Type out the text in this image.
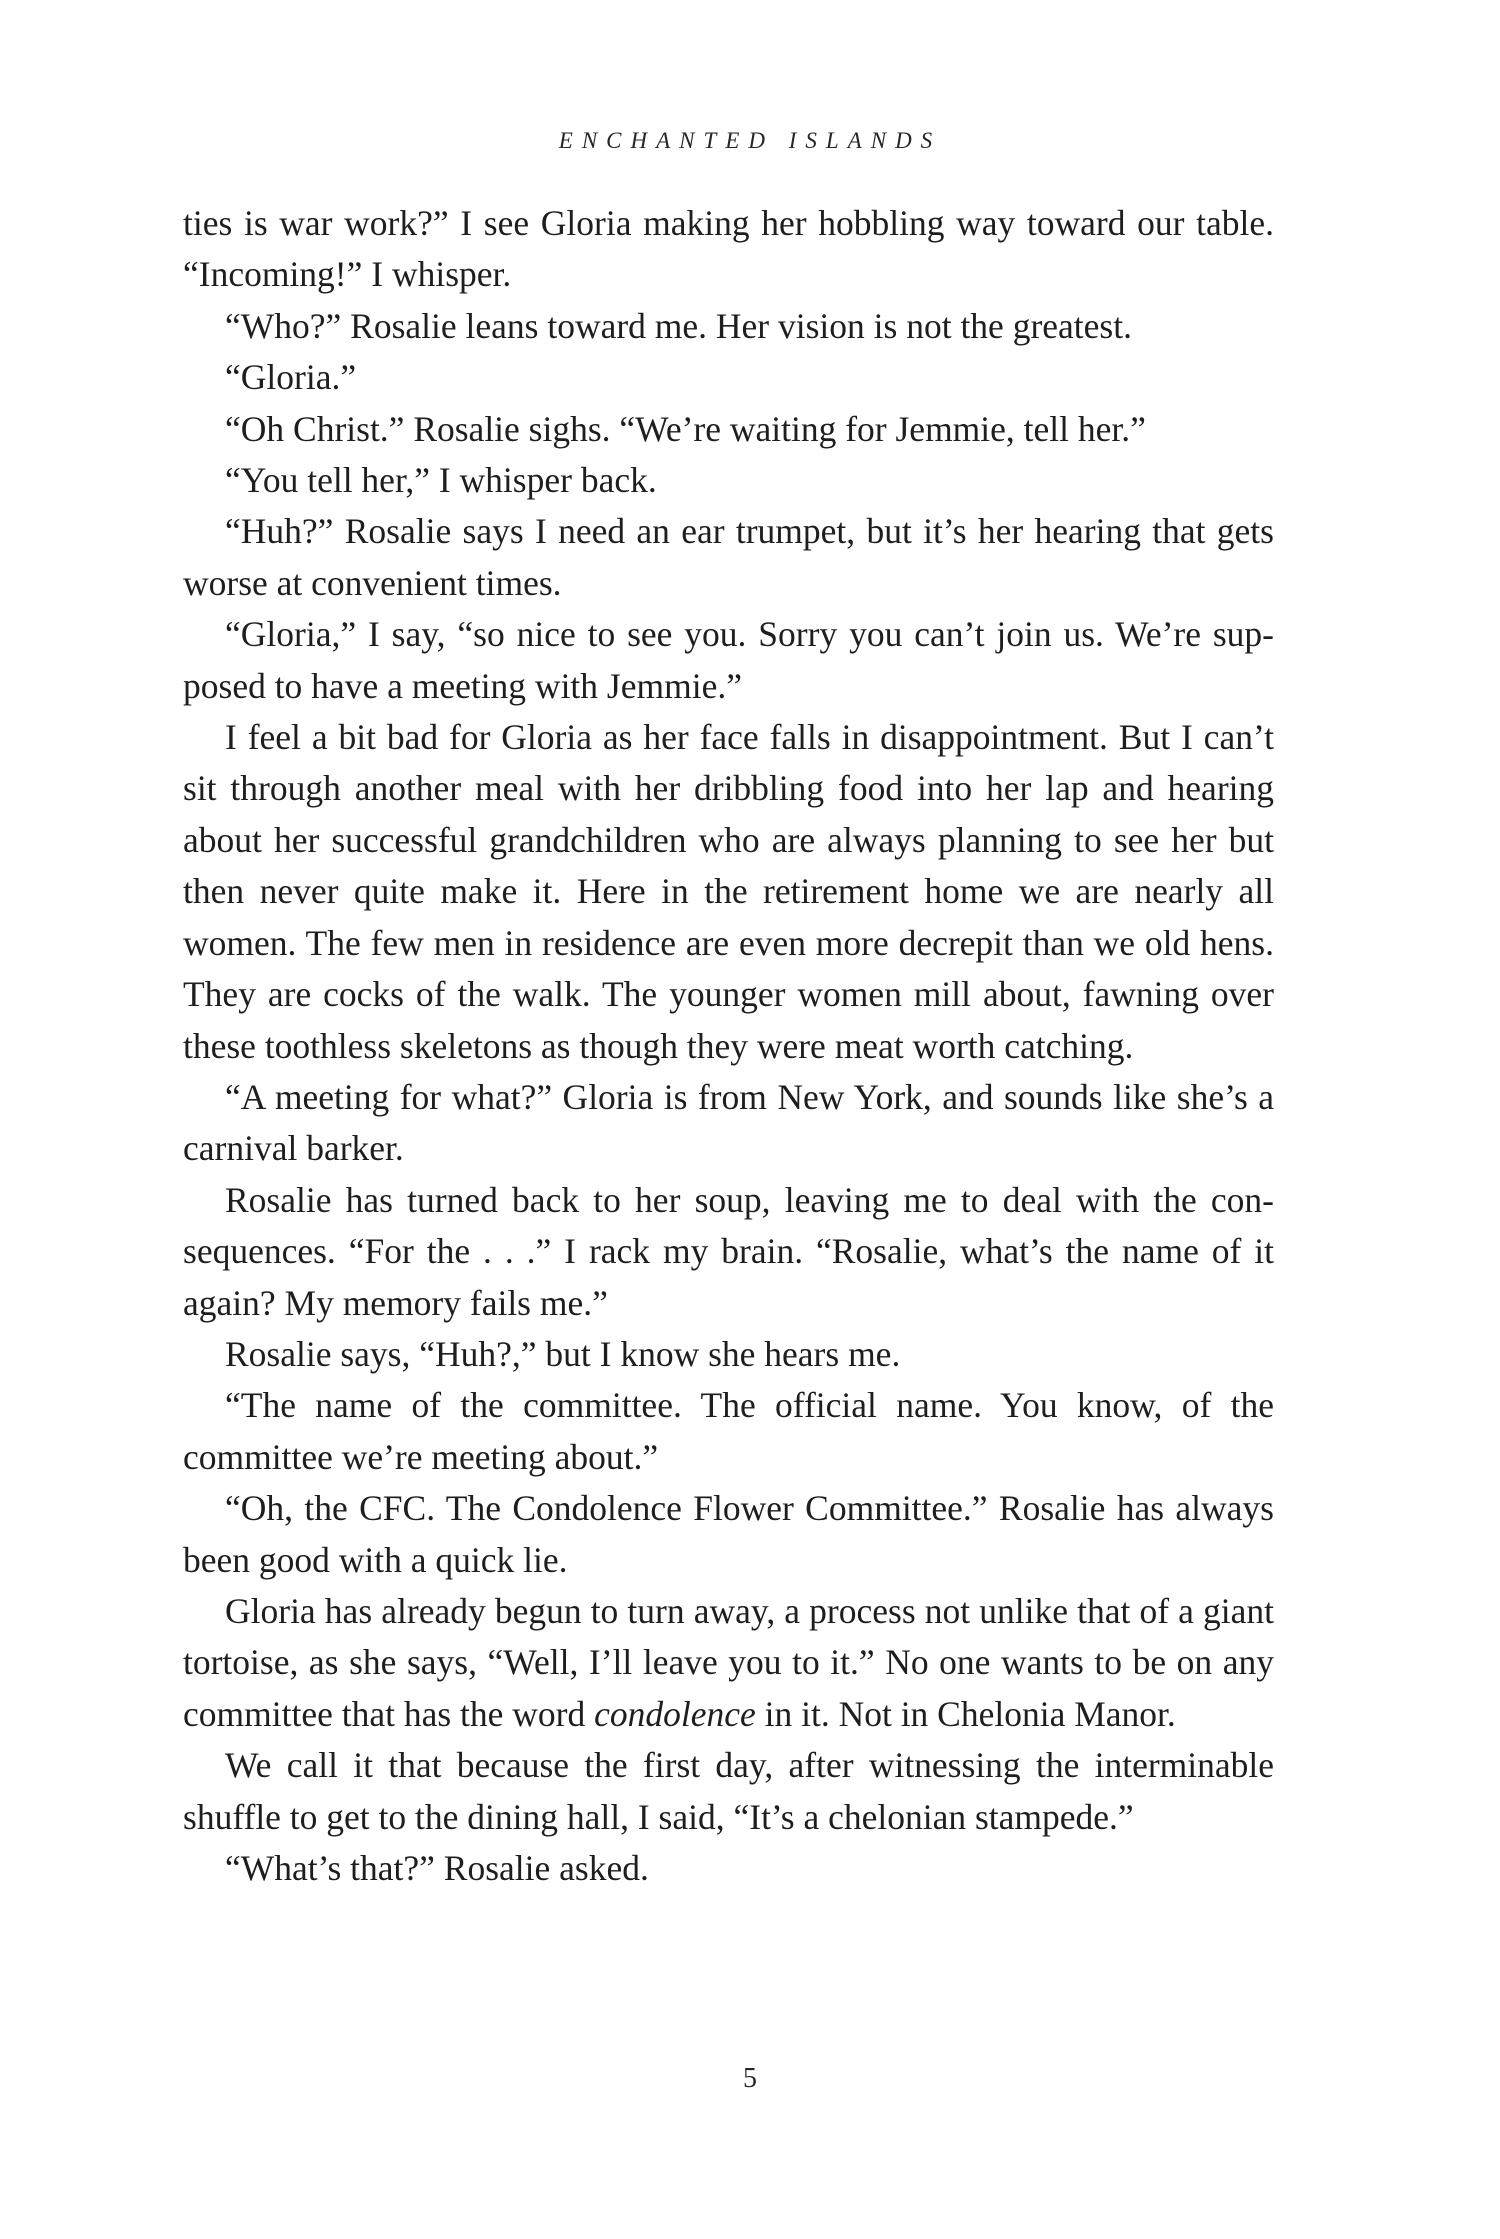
ENCHANTED ISLANDS

ties is war work?” I see Gloria making her hobbling way toward our table. “Incoming!” I whisper.

“Who?” Rosalie leans toward me. Her vision is not the greatest.

“Gloria.”

“Oh Christ.” Rosalie sighs. “We’re waiting for Jemmie, tell her.”

“You tell her,” I whisper back.

“Huh?” Rosalie says I need an ear trumpet, but it’s her hearing that gets worse at convenient times.

“Gloria,” I say, “so nice to see you. Sorry you can’t join us. We’re supposed to have a meeting with Jemmie.”

I feel a bit bad for Gloria as her face falls in disappointment. But I can’t sit through another meal with her dribbling food into her lap and hearing about her successful grandchildren who are always planning to see her but then never quite make it. Here in the retirement home we are nearly all women. The few men in residence are even more decrepit than we old hens. They are cocks of the walk. The younger women mill about, fawning over these toothless skeletons as though they were meat worth catching.

“A meeting for what?” Gloria is from New York, and sounds like she’s a carnival barker.

Rosalie has turned back to her soup, leaving me to deal with the consequences. “For the . . .” I rack my brain. “Rosalie, what’s the name of it again? My memory fails me.”

Rosalie says, “Huh?,” but I know she hears me.

“The name of the committee. The official name. You know, of the committee we’re meeting about.”

“Oh, the CFC. The Condolence Flower Committee.” Rosalie has always been good with a quick lie.

Gloria has already begun to turn away, a process not unlike that of a giant tortoise, as she says, “Well, I’ll leave you to it.” No one wants to be on any committee that has the word condolence in it. Not in Chelonia Manor.

We call it that because the first day, after witnessing the interminable shuffle to get to the dining hall, I said, “It’s a chelonian stampede.”

“What’s that?” Rosalie asked.

5
